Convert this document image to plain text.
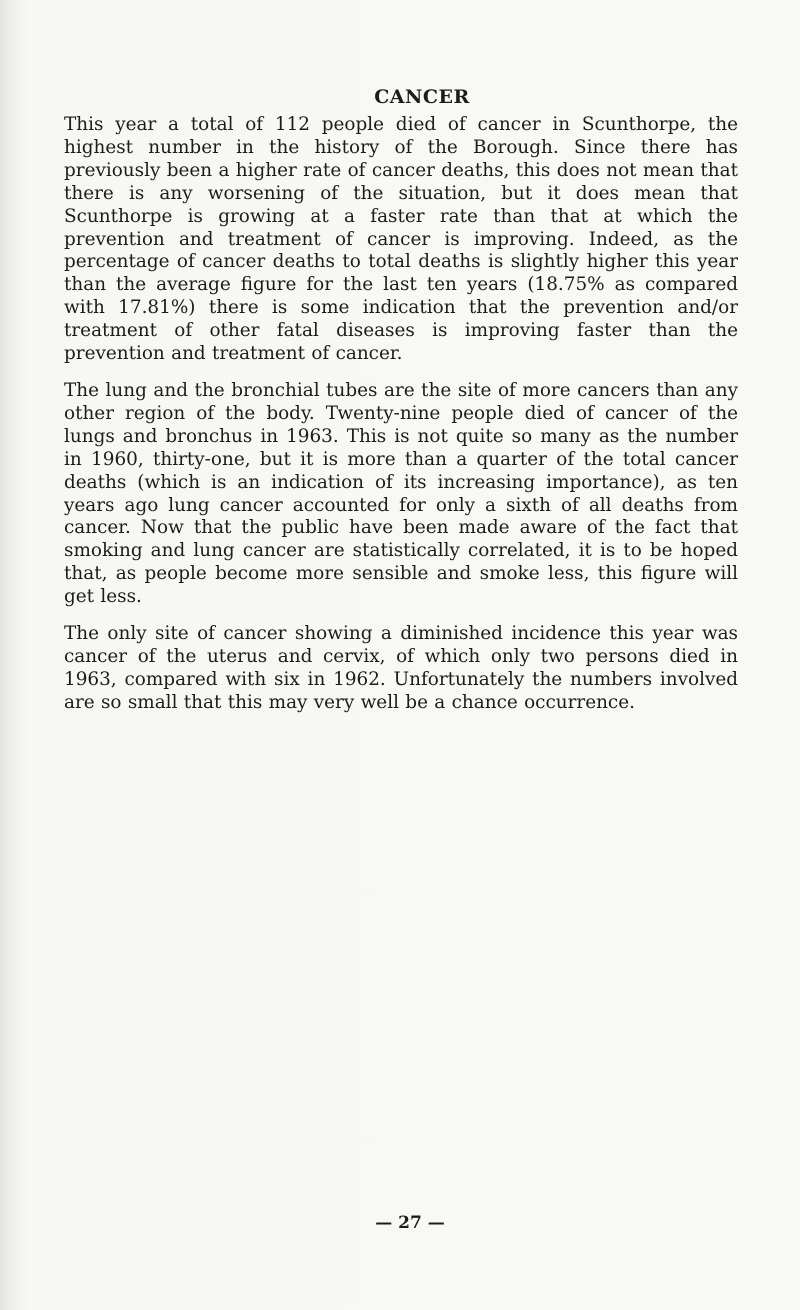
CANCER

This year a total of 112 people died of cancer in Scunthorpe, the highest number in the history of the Borough. Since there has previously been a higher rate of cancer deaths, this does not mean that there is any worsening of the situation, but it does mean that Scunthorpe is growing at a faster rate than that at which the prevention and treatment of cancer is improving. Indeed, as the percentage of cancer deaths to total deaths is slightly higher this year than the average figure for the last ten years (18.75% as compared with 17.81%) there is some indication that the prevention and/or treatment of other fatal diseases is improving faster than the prevention and treatment of cancer.

The lung and the bronchial tubes are the site of more cancers than any other region of the body. Twenty-nine people died of cancer of the lungs and bronchus in 1963. This is not quite so many as the number in 1960, thirty-one, but it is more than a quarter of the total cancer deaths (which is an indication of its increasing importance), as ten years ago lung cancer accounted for only a sixth of all deaths from cancer. Now that the public have been made aware of the fact that smoking and lung cancer are statistically correlated, it is to be hoped that, as people become more sensible and smoke less, this figure will get less.

The only site of cancer showing a diminished incidence this year was cancer of the uterus and cervix, of which only two persons died in 1963, compared with six in 1962. Unfortunately the numbers involved are so small that this may very well be a chance occurrence.

— 27 —
